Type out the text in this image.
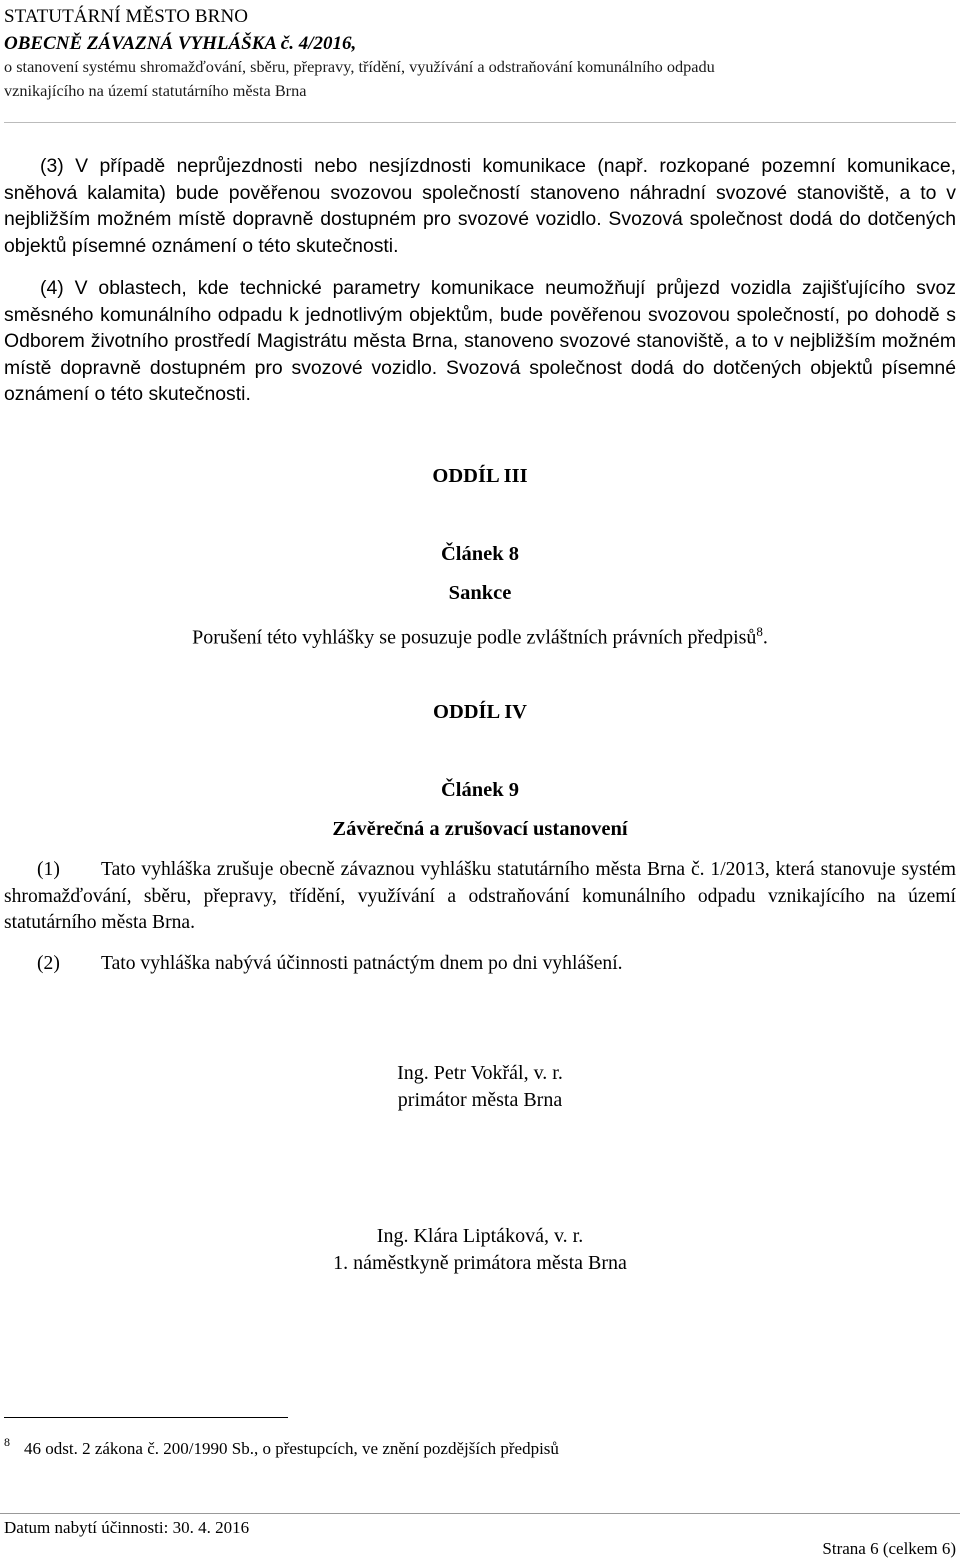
STATUTÁRNÍ MĚSTO BRNO
OBECNĚ ZÁVAZNÁ VYHLÁŠKA č. 4/2016,
o stanovení systému shromažďování, sběru, přepravy, třídění, využívání a odstraňování komunálního odpadu
vznikajícího na území statutárního města Brna
(3) V případě neprůjezdnosti nebo nesjízdnosti komunikace (např. rozkopané pozemní komunikace, sněhová kalamita) bude pověřenou svozovou společností stanoveno náhradní svozové stanoviště, a to v nejbližším možném místě dopravně dostupném pro svozové vozidlo. Svozová společnost dodá do dotčených objektů písemné oznámení o této skutečnosti.
(4) V oblastech, kde technické parametry komunikace neumožňují průjezd vozidla zajišťujícího svoz směsného komunálního odpadu k jednotlivým objektům, bude pověřenou svozovou společností, po dohodě s Odborem životního prostředí Magistrátu města Brna, stanoveno svozové stanoviště, a to v nejbližším možném místě dopravně dostupném pro svozové vozidlo. Svozová společnost dodá do dotčených objektů písemné oznámení o této skutečnosti.
ODDÍL III
Článek 8
Sankce
Porušení této vyhlášky se posuzuje podle zvláštních právních předpisů$^8$.
ODDÍL IV
Článek 9
Závěrečná a zrušovací ustanovení
(1) Tato vyhláška zrušuje obecně závaznou vyhlášku statutárního města Brna č. 1/2013, která stanovuje systém shromažďování, sběru, přepravy, třídění, využívání a odstraňování komunálního odpadu vznikajícího na území statutárního města Brna.
(2) Tato vyhláška nabývá účinnosti patnáctým dnem po dni vyhlášení.
Ing. Petr Vokřál, v. r.
primátor města Brna
Ing. Klára Liptáková, v. r.
1. náměstkyně primátora města Brna
$^8$ 46 odst. 2 zákona č. 200/1990 Sb., o přestupcích, ve znění pozdějších předpisů
Datum nabytí účinnosti: 30. 4. 2016
Strana 6 (celkem 6)
